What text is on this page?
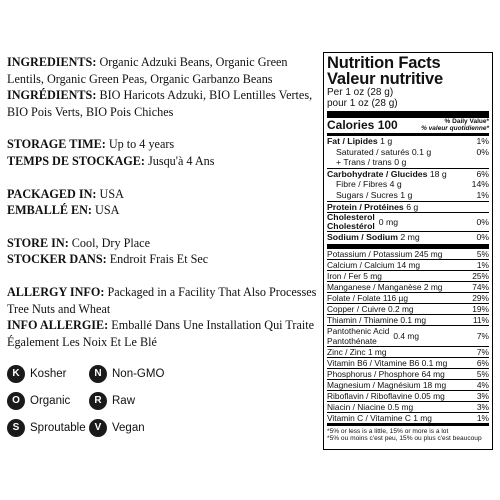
INGREDIENTS: Organic Adzuki Beans, Organic Green Lentils, Organic Green Peas, Organic Garbanzo Beans

INGRÉDIENTS: BIO Haricots Adzuki, BIO Lentilles Vertes, BIO Pois Verts, BIO Pois Chiches

STORAGE TIME: Up to 4 years

TEMPS DE STOCKAGE: Jusqu'à 4 Ans

PACKAGED IN: USA

EMBALLÉ EN: USA

STORE IN: Cool, Dry Place

STOCKER DANS: Endroit Frais Et Sec

ALLERGY INFO: Packaged in a Facility That Also Processes Tree Nuts and Wheat

INFO ALLERGIE: Emballé Dans Une Installation Qui Traite Également Les Noix Et Le Blé

K Kosher	N Non-GMO
O Organic	R Raw
S Sproutable V Vegan
Nutrition Facts
Valeur nutritive
Per 1 oz (28 g)
pour 1 oz (28 g)
Calories 100	% Daily Value*
% valeur quotidienne*
Fat / Lipides 1 g	1%
Saturated / saturés 0.1 g	0%
+ Trans / trans 0 g
Carbohydrate / Glucides 18 g	6%
Fibre / Fibres 4 g	14%
Sugars / Sucres 1 g	1%
Protein / Protéines 6 g
Cholesterol
Cholestérol 0 mg	0%
Sodium / Sodium 2 mg	0%
Potassium / Potassium 245 mg	5%
Calcium / Calcium 14 mg	1%
Iron / Fer 5 mg	25%
Manganese / Manganèse 2 mg	74%
Folate / Folate 116 µg	29%
Copper / Cuivre 0.2 mg	19%
Thiamin / Thiamine 0.1 mg	11%
Pantothenic Acid
Pantothénate	0.4 mg	7%
Zinc / Zinc 1 mg	7%
Vitamin B6 / Vitamine B6 0.1 mg	6%
Phosphorus / Phosphore 64 mg	5%
Magnesium / Magnésium 18 mg	4%
Riboflavin / Riboflavine 0.05 mg	3%
Niacin / Niacine 0.5 mg	3%
Vitamin C / Vitamine C 1 mg	1%
*5% or less is a little, 15% or more is a lot
*5% ou moins c'est peu, 15% ou plus c'est beaucoup
